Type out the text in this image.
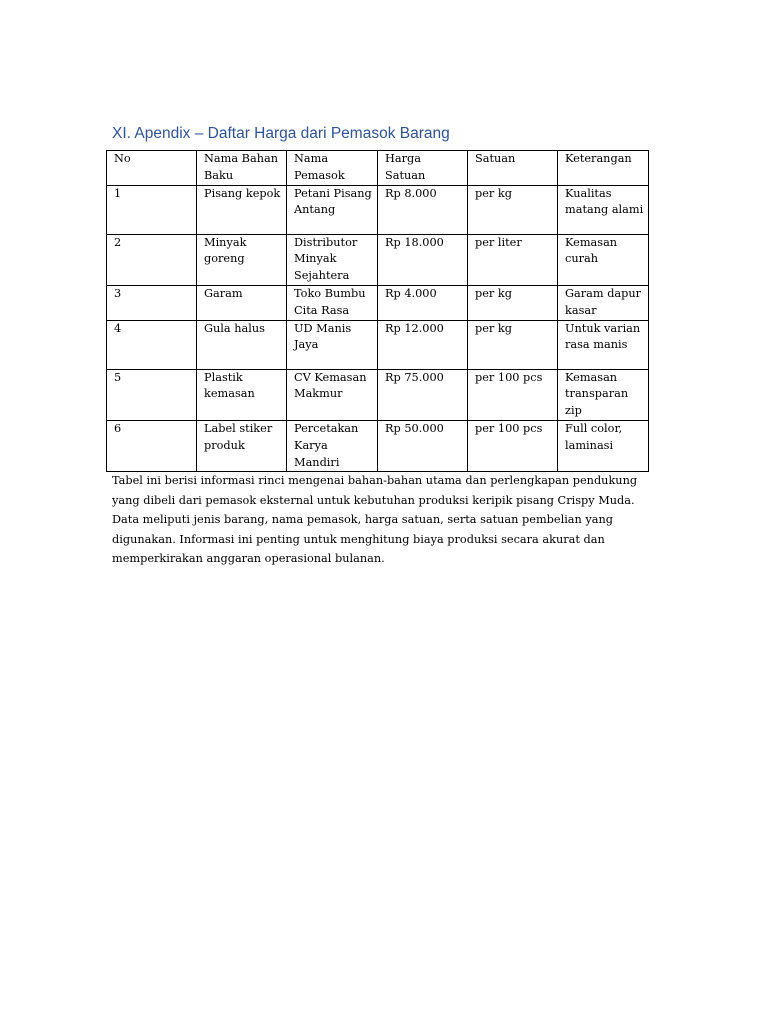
XI. Apendix – Daftar Harga dari Pemasok Barang
No	Nama Bahan Baku	Nama Pemasok	Harga Satuan	Satuan	Keterangan
1	Pisang kepok	Petani Pisang Antang	Rp 8.000	per kg	Kualitas matang alami
2	Minyak goreng	Distributor Minyak Sejahtera	Rp 18.000	per liter	Kemasan curah
3	Garam	Toko Bumbu Cita Rasa	Rp 4.000	per kg	Garam dapur kasar
4	Gula halus	UD Manis Jaya	Rp 12.000	per kg	Untuk varian rasa manis
5	Plastik kemasan	CV Kemasan Makmur	Rp 75.000	per 100 pcs	Kemasan transparan zip
6	Label stiker produk	Percetakan Karya Mandiri	Rp 50.000	per 100 pcs	Full color, laminasi

Tabel ini berisi informasi rinci mengenai bahan-bahan utama dan perlengkapan pendukung
yang dibeli dari pemasok eksternal untuk kebutuhan produksi keripik pisang Crispy Muda.
Data meliputi jenis barang, nama pemasok, harga satuan, serta satuan pembelian yang
digunakan. Informasi ini penting untuk menghitung biaya produksi secara akurat dan
memperkirakan anggaran operasional bulanan.
